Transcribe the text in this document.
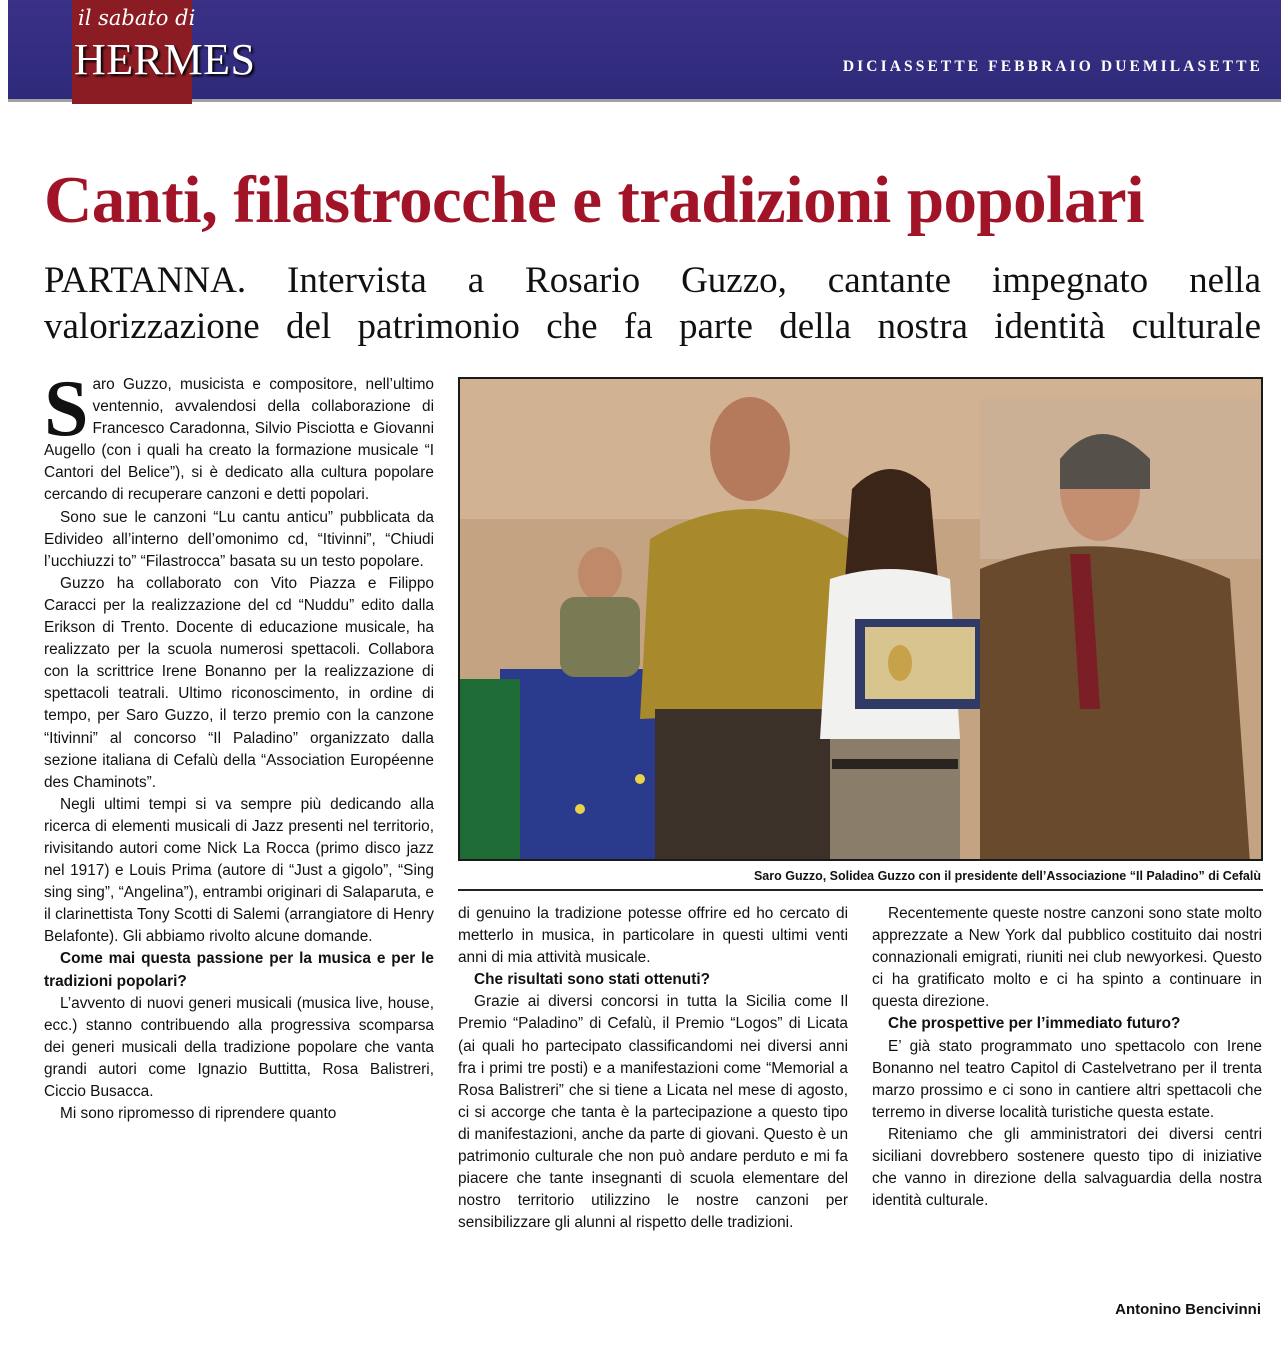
il sabato di
HERMES	DICIASSETTE FEBBRAIO DUEMILASETTE
Canti, filastrocche e tradizioni popolari
PARTANNA. Intervista a Rosario Guzzo, cantante impegnato nella
valorizzazione del patrimonio che fa parte della nostra identità culturale

Saro Guzzo, musicista e compositore, nell’ultimo ventennio, avvalendosi della collaborazione di Francesco Caradonna, Silvio Pisciotta e Giovanni Augello (con i quali ha creato la formazione musicale “I Cantori del Belice”), si è dedicato alla cultura popolare cercando di recuperare canzoni e detti popolari.

Sono sue le canzoni “Lu cantu anticu” pubblicata da Edivideo all’interno dell’omonimo cd, “Itivinni”, “Chiudi l’ucchiuzzi to” “Filastrocca” basata su un testo popolare.

Guzzo ha collaborato con Vito Piazza e Filippo Caracci per la realizzazione del cd “Nuddu” edito dalla Erikson di Trento. Docente di educazione musicale, ha realizzato per la scuola numerosi spettacoli. Collabora con la scrittrice Irene Bonanno per la realizzazione di spettacoli teatrali. Ultimo riconoscimento, in ordine di tempo, per Saro Guzzo, il terzo premio con la canzone “Itivinni” al concorso “Il Paladino” organizzato dalla sezione italiana di Cefalù della “Association Européenne des Chaminots”.

Negli ultimi tempi si va sempre più dedicando alla ricerca di elementi musicali di Jazz presenti nel territorio, rivisitando autori come Nick La Rocca (primo disco jazz nel 1917) e Louis Prima (autore di “Just a gigolo”, “Sing sing sing”, “Angelina”), entrambi originari di Salaparuta, e il clarinettista Tony Scotti di Salemi (arrangiatore di Henry Belafonte). Gli abbiamo rivolto alcune domande.

Come mai questa passione per la musica e per le tradizioni popolari?

L’avvento di nuovi generi musicali (musica live, house, ecc.) stanno contribuendo alla progressiva scomparsa dei generi musicali della tradizione popolare che vanta grandi autori come Ignazio Buttitta, Rosa Balistreri, Ciccio Busacca.

Mi sono ripromesso di riprendere quanto

Saro Guzzo, Solidea Guzzo con il presidente dell’Associazione “Il Paladino” di Cefalù

di genuino la tradizione potesse offrire ed ho cercato di metterlo in musica, in particolare in questi ultimi venti anni di mia attività musicale.

Che risultati sono stati ottenuti?

Grazie ai diversi concorsi in tutta la Sicilia come Il Premio “Paladino” di Cefalù, il Premio “Logos” di Licata (ai quali ho partecipato classificandomi nei diversi anni fra i primi tre posti) e a manifestazioni come “Memorial a Rosa Balistreri” che si tiene a Licata nel mese di agosto, ci si accorge che tanta è la partecipazione a questo tipo di manifestazioni, anche da parte di giovani. Questo è un patrimonio culturale che non può andare perduto e mi fa piacere che tante insegnanti di scuola elementare del nostro territorio utilizzino le nostre canzoni per sensibilizzare gli alunni al rispetto delle tradizioni.

Recentemente queste nostre canzoni sono state molto apprezzate a New York dal pubblico costituito dai nostri connazionali emigrati, riuniti nei club newyorkesi. Questo ci ha gratificato molto e ci ha spinto a continuare in questa direzione.

Che prospettive per l’immediato futuro?

E’ già stato programmato uno spettacolo con Irene Bonanno nel teatro Capitol di Castelvetrano per il trenta marzo prossimo e ci sono in cantiere altri spettacoli che terremo in diverse località turistiche questa estate.

Riteniamo che gli amministratori dei diversi centri siciliani dovrebbero sostenere questo tipo di iniziative che vanno in direzione della salvaguardia della nostra identità culturale.

Antonino Bencivinni
